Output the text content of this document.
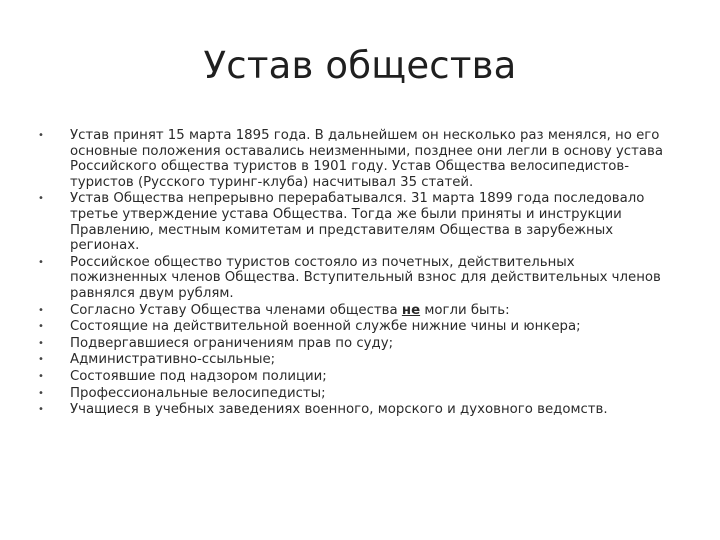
Устав общества
• Устав принят 15 марта 1895 года. В дальнейшем он несколько раз менялся, но его основные положения оставались неизменными, позднее они легли в основу устава Российского общества туристов в 1901 году. Устав Общества велосипедистов-туристов (Русского туринг-клуба) насчитывал 35 статей.
• Устав Общества непрерывно перерабатывался. 31 марта 1899 года последовало третье утверждение устава Общества. Тогда же были приняты и инструкции Правлению, местным комитетам и представителям Общества в зарубежных регионах.
• Российское общество туристов состояло из почетных, действительных пожизненных членов Общества. Вступительный взнос для действительных членов равнялся двум рублям.
• Согласно Уставу Общества членами общества не могли быть:
• Состоящие на действительной военной службе нижние чины и юнкера;
• Подвергавшиеся ограничениям прав по суду;
• Административно-ссыльные;
• Состоявшие под надзором полиции;
• Профессиональные велосипедисты;
• Учащиеся в учебных заведениях военного, морского и духовного ведомств.
